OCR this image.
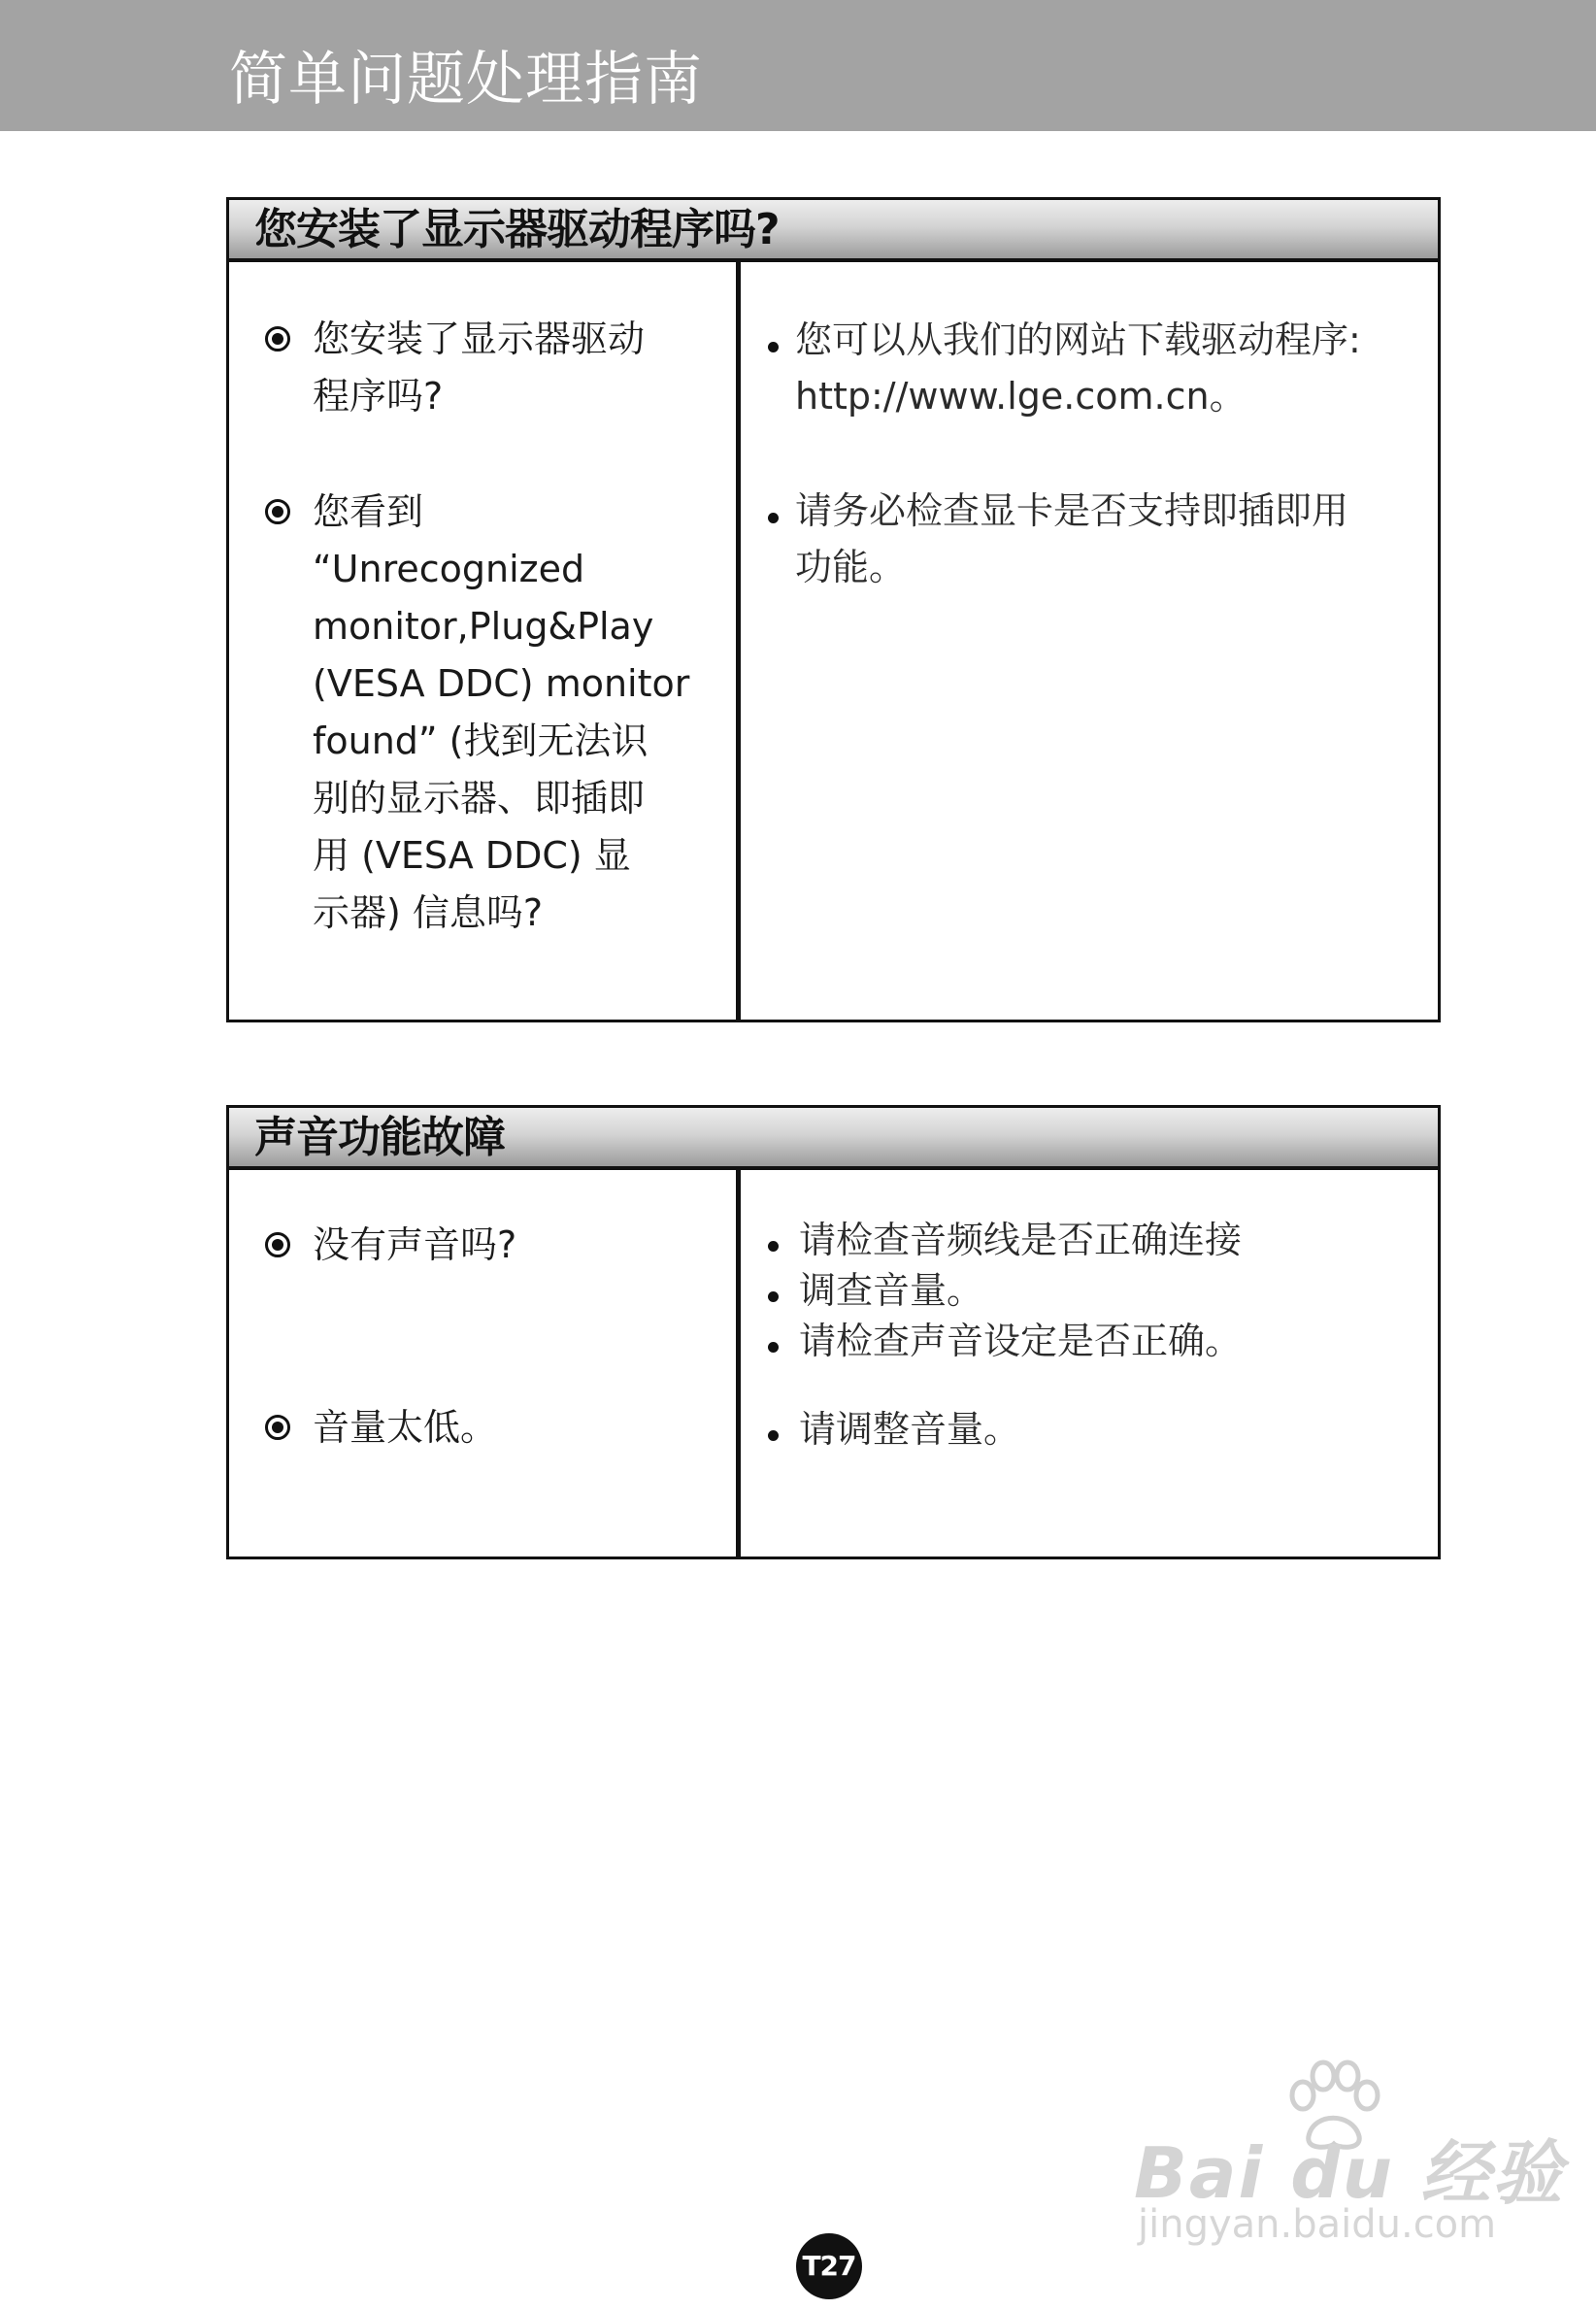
简单问题处理指南
您安装了显示器驱动程序吗?
您安装了显示器驱动
程序吗?
您看到
“Unrecognized
monitor,Plug&Play
(VESA DDC) monitor
found” (找到无法识
别的显示器、即插即
用 (VESA DDC) 显
示器) 信息吗?
您可以从我们的网站下载驱动程序:
http://www.lge.com.cn。
请务必检查显卡是否支持即插即用
功能。
声音功能故障
没有声音吗?
音量太低。
请检查音频线是否正确连接
调查音量。
请检查声音设定是否正确。
请调整音量。
Bai du 经验
jingyan.baidu.com
T27
